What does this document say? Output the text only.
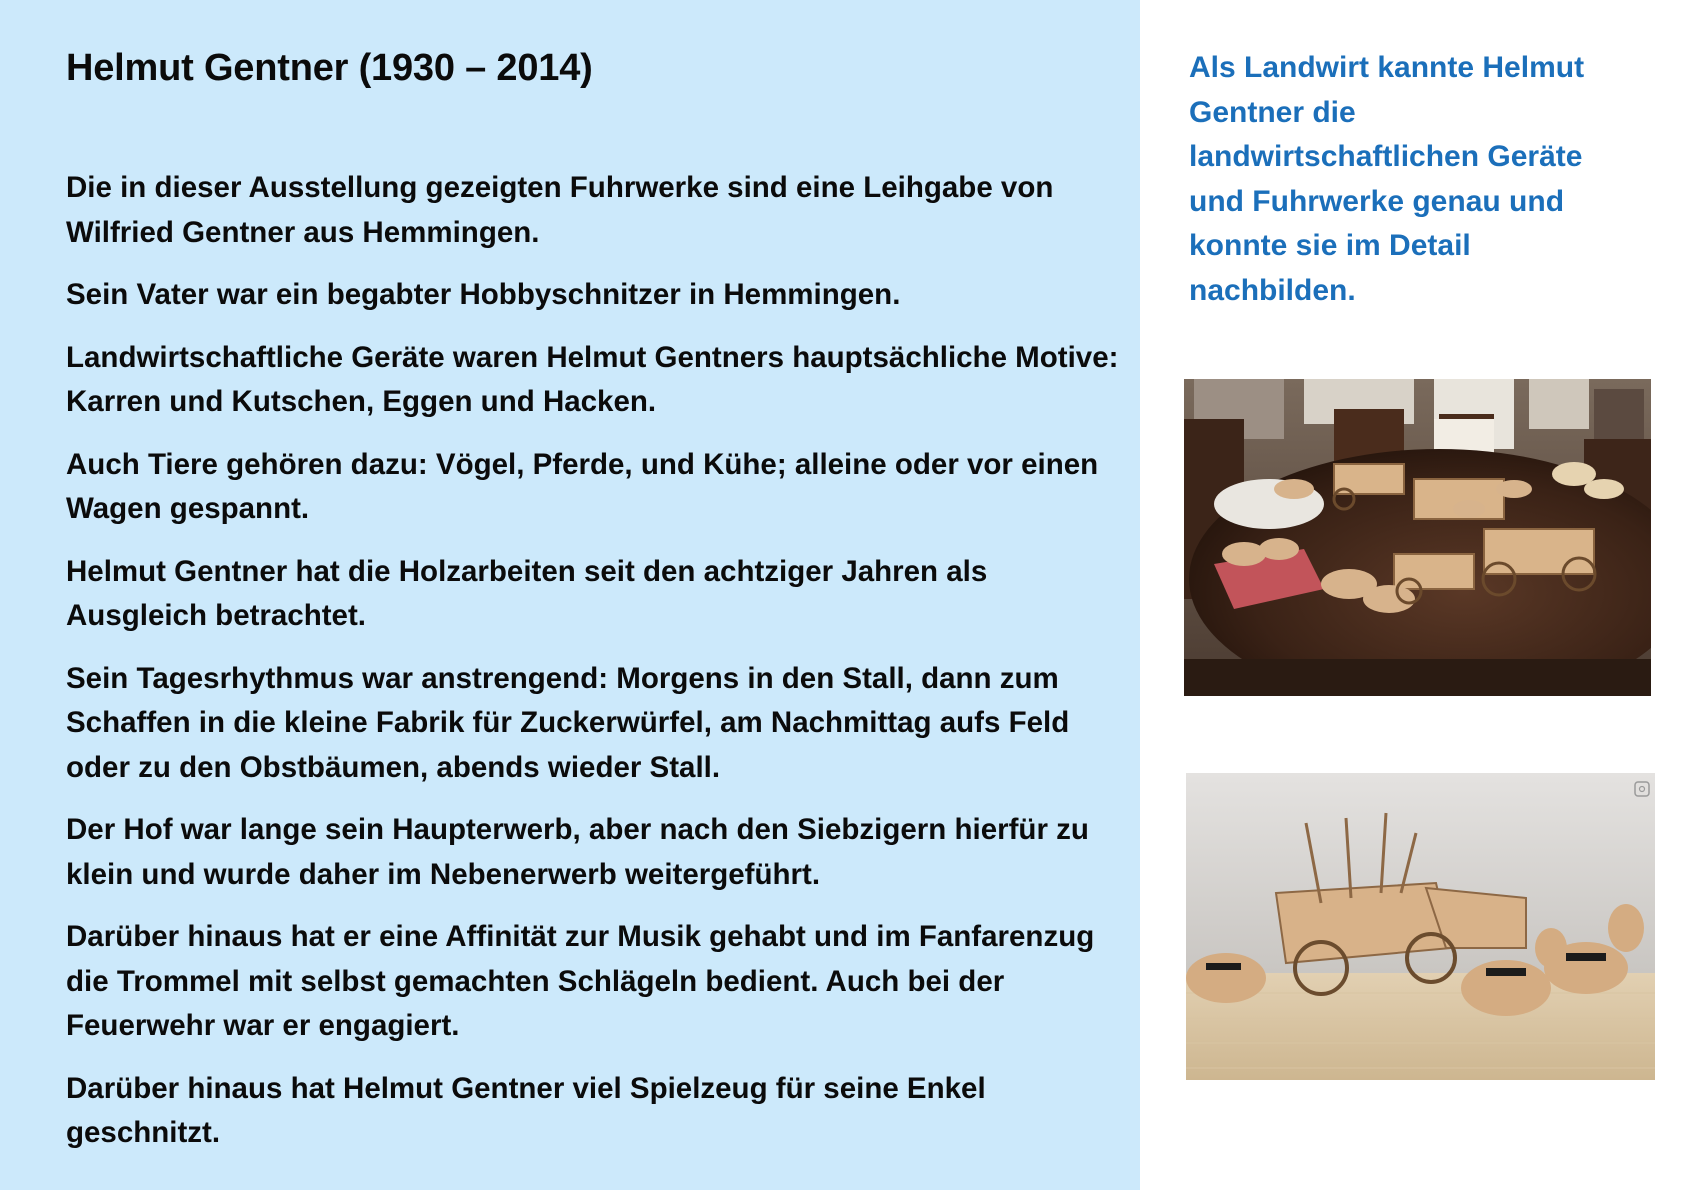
Helmut Gentner (1930 – 2014)

Die in dieser Ausstellung gezeigten Fuhrwerke sind eine Leihgabe von Wilfried Gentner aus Hemmingen.

Sein Vater war ein begabter Hobbyschnitzer in Hemmingen.

Landwirtschaftliche Geräte waren Helmut Gentners hauptsächliche Motive: Karren und Kutschen, Eggen und Hacken.

Auch Tiere gehören dazu: Vögel, Pferde, und Kühe; alleine oder vor einen Wagen gespannt.

Helmut Gentner hat die Holzarbeiten seit den achtziger Jahren als Ausgleich betrachtet.

Sein Tagesrhythmus war anstrengend: Morgens in den Stall, dann zum Schaffen in die kleine Fabrik für Zuckerwürfel, am Nachmittag aufs Feld oder zu den Obstbäumen, abends wieder Stall.

Der Hof war lange sein Haupterwerb, aber nach den Siebzigern hierfür zu klein und wurde daher im Nebenerwerb weitergeführt.

Darüber hinaus hat er eine Affinität zur Musik gehabt und im Fanfarenzug die Trommel mit selbst gemachten Schlägeln bedient. Auch bei der Feuerwehr war er engagiert.

Darüber hinaus hat Helmut Gentner viel Spielzeug für seine Enkel geschnitzt.

Als Landwirt kannte Helmut Gentner die landwirtschaftlichen Geräte und Fuhrwerke genau und konnte sie im Detail nachbilden.
